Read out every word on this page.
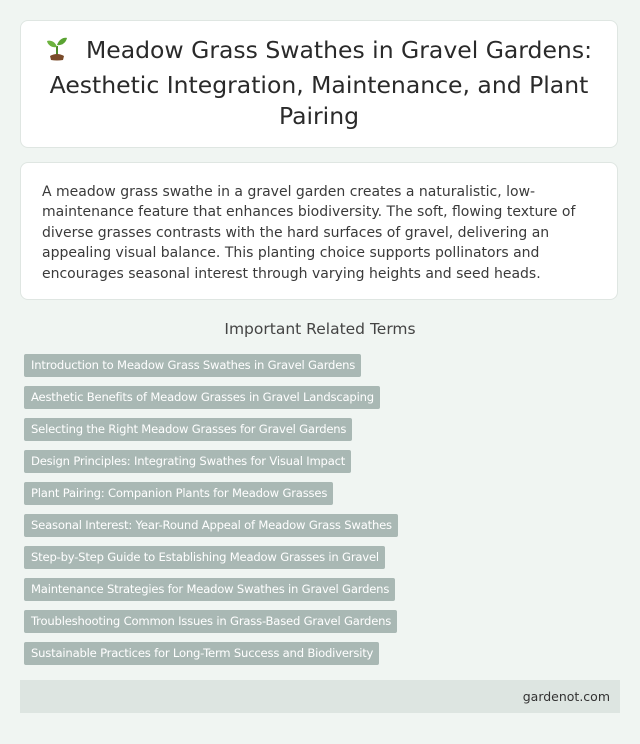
Meadow Grass Swathes in Gravel Gardens: Aesthetic Integration, Maintenance, and Plant Pairing

A meadow grass swathe in a gravel garden creates a naturalistic, low-maintenance feature that enhances biodiversity. The soft, flowing texture of diverse grasses contrasts with the hard surfaces of gravel, delivering an appealing visual balance. This planting choice supports pollinators and encourages seasonal interest through varying heights and seed heads.

Important Related Terms
Introduction to Meadow Grass Swathes in Gravel Gardens
Aesthetic Benefits of Meadow Grasses in Gravel Landscaping
Selecting the Right Meadow Grasses for Gravel Gardens
Design Principles: Integrating Swathes for Visual Impact
Plant Pairing: Companion Plants for Meadow Grasses
Seasonal Interest: Year-Round Appeal of Meadow Grass Swathes
Step-by-Step Guide to Establishing Meadow Grasses in Gravel
Maintenance Strategies for Meadow Swathes in Gravel Gardens
Troubleshooting Common Issues in Grass-Based Gravel Gardens
Sustainable Practices for Long-Term Success and Biodiversity
gardenot.com
